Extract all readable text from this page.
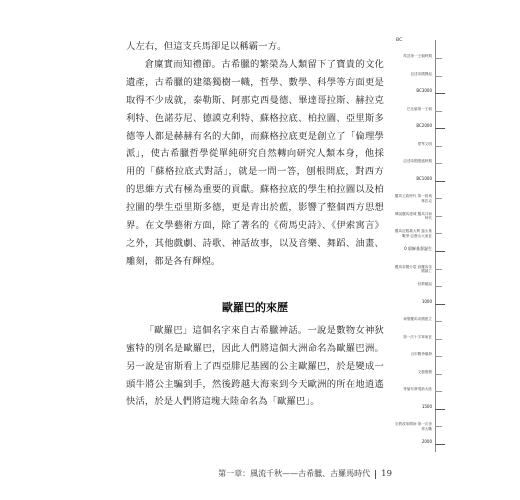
人左右，但這支兵馬卻足以稱霸一方。

倉廩實而知禮節。古希臘的繁榮為人類留下了寶貴的文化遺產，古希臘的建築獨樹一幟，哲學、數學、科學等方面更是取得不少成就，泰勒斯、阿那克西曼德、畢達哥拉斯、赫拉克利特、色諾芬尼、德謨克利特、蘇格拉底、柏拉圖、亞里斯多德等人都是赫赫有名的大師，而蘇格拉底更是創立了「倫理學派」，使古希臘哲學從單純研究自然轉向研究人類本身，他採用的「蘇格拉底式對話」，就是一問一答，刨根問底，對西方的思維方式有極為重要的貢獻。蘇格拉底的學生柏拉圖以及柏拉圖的學生亞里斯多德，更是青出於藍，影響了整個西方思想界。在文學藝術方面，除了著名的《荷馬史詩》、《伊索寓言》之外，其他戲劇、詩歌、神話故事，以及音樂、舞蹈、油畫、雕刻，都是各有輝煌。

歐羅巴的來歷

「歐羅巴」這個名字來自古希臘神話。一說是數物女神狄蜜特的別名是歐羅巴，因此人們將這個大洲命名為歐羅巴洲。另一說是宙斯看上了西亞腓尼基國的公主歐羅巴，於是變成一頭牛將公主騙到手，然後跨越大海來到今天歐洲的所在地逍遙快活，於是人們將這塊大陸命名為「歐羅巴」。

BC
埃及第一王朝時期
亞述帝國興起
BC3000
巴比倫第一王朝
BC2000
愛琴文明
亞述帝國強盛時期
BC1000
羅馬王政時代 第一屆奧林匹克
傳說羅馬建城 羅馬共和時代
羅馬征服義大利 迦太基戰爭 亞歷山大東征
0 耶穌基督誕生
羅馬帝國分裂 西羅馬帝國滅亡
回教崛起
1000
神聖羅馬帝國建立
第一次十字軍東征
百年戰爭爆發
文藝復興
哥倫布發現新大陸
1500
宗教改革開始 第一次世界大戰
2000
第一章：風流千秋——古希臘、古羅馬時代 19
